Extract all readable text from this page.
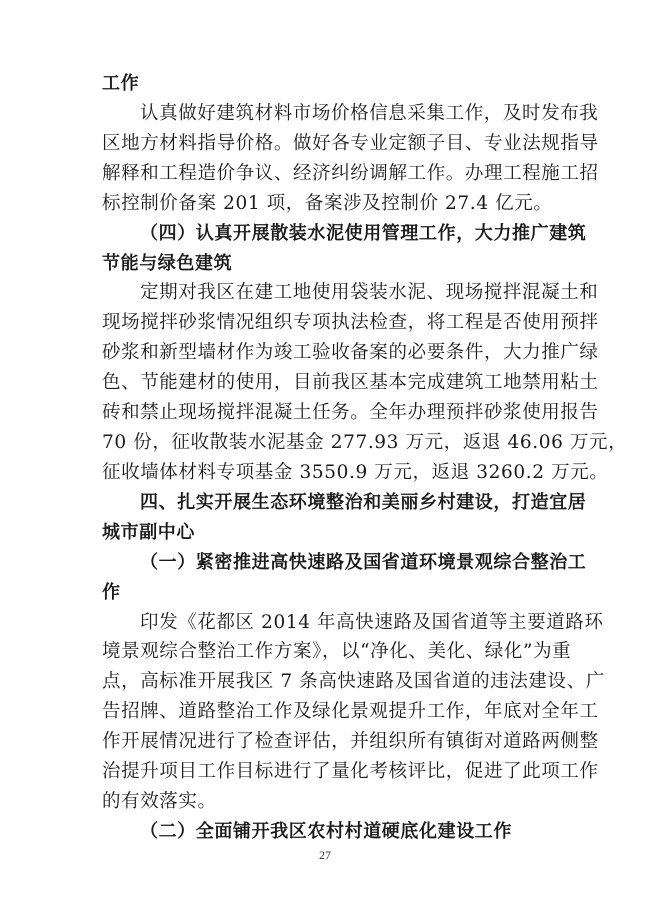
工作
认真做好建筑材料市场价格信息采集工作，及时发布我
区地方材料指导价格。做好各专业定额子目、专业法规指导
解释和工程造价争议、经济纠纷调解工作。办理工程施工招
标控制价备案 201 项，备案涉及控制价 27.4 亿元。
（四）认真开展散装水泥使用管理工作，大力推广建筑
节能与绿色建筑
定期对我区在建工地使用袋装水泥、现场搅拌混凝土和
现场搅拌砂浆情况组织专项执法检查，将工程是否使用预拌
砂浆和新型墙材作为竣工验收备案的必要条件，大力推广绿
色、节能建材的使用，目前我区基本完成建筑工地禁用粘土
砖和禁止现场搅拌混凝土任务。全年办理预拌砂浆使用报告
70 份，征收散装水泥基金 277.93 万元，返退 46.06 万元，
征收墙体材料专项基金 3550.9 万元，返退 3260.2 万元。
四、扎实开展生态环境整治和美丽乡村建设，打造宜居
城市副中心
（一）紧密推进高快速路及国省道环境景观综合整治工
作
印发《花都区 2014 年高快速路及国省道等主要道路环
境景观综合整治工作方案》，以“净化、美化、绿化”为重
点，高标准开展我区 7 条高快速路及国省道的违法建设、广
告招牌、道路整治工作及绿化景观提升工作，年底对全年工
作开展情况进行了检查评估，并组织所有镇街对道路两侧整
治提升项目工作目标进行了量化考核评比，促进了此项工作
的有效落实。
（二）全面铺开我区农村村道硬底化建设工作
27
